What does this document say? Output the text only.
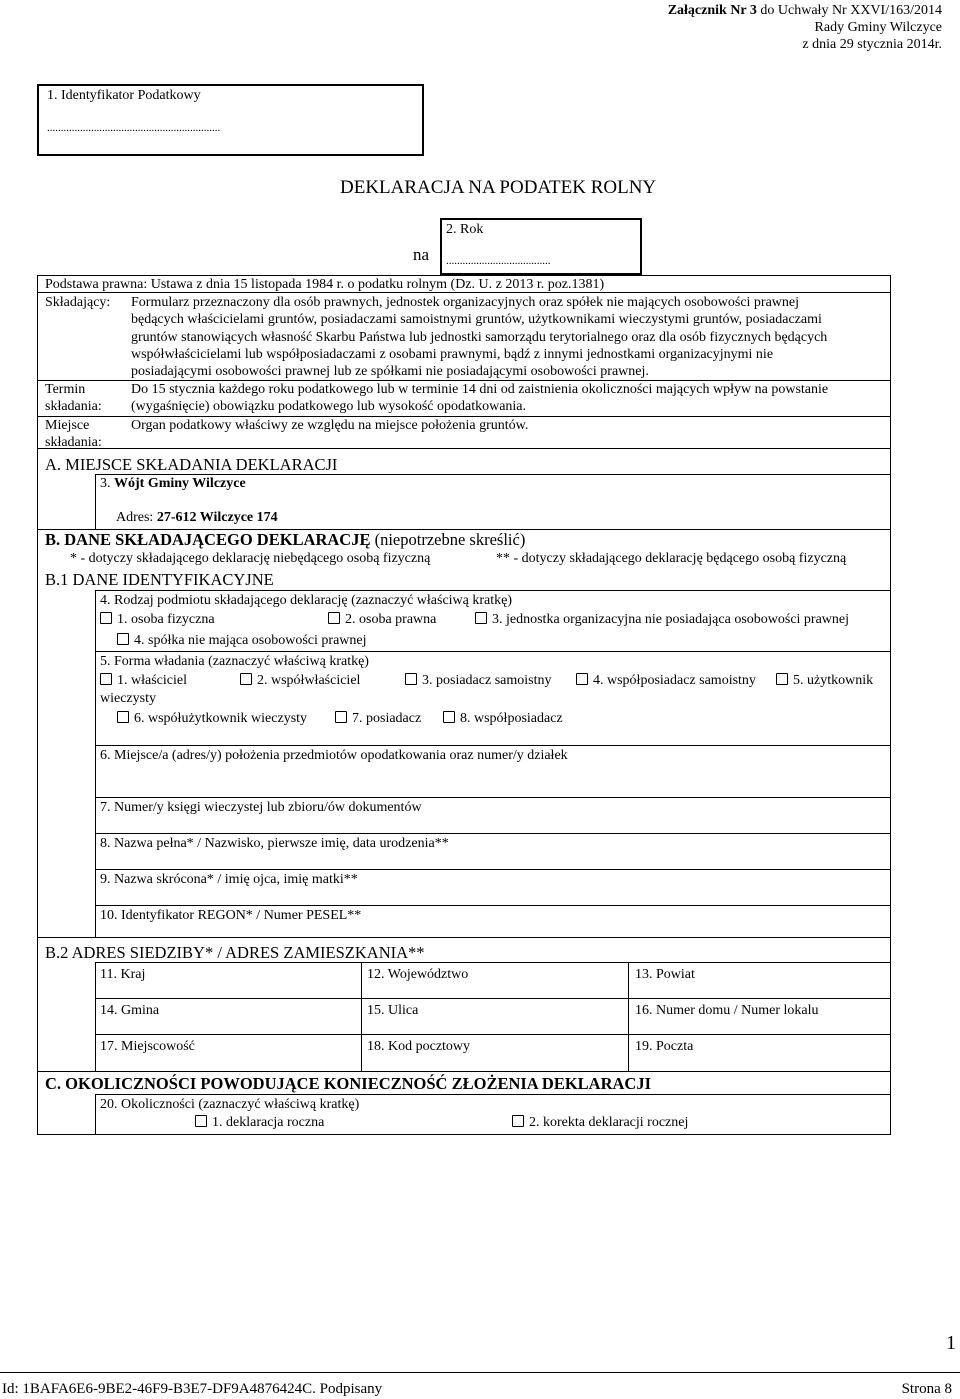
Załącznik Nr 3 do Uchwały Nr XXVI/163/2014
Rady Gminy Wilczyce
z dnia 29 stycznia 2014r.
1. Identyfikator Podatkowy
...............................................................
DEKLARACJA NA PODATEK ROLNY
na
2. Rok
......................................
Podstawa prawna: Ustawa z dnia 15 listopada 1984 r. o podatku rolnym (Dz. U. z 2013 r. poz.1381)
Składający: Formularz przeznaczony dla osób prawnych, jednostek organizacyjnych oraz spółek nie mających osobowości prawnej
będących właścicielami gruntów, posiadaczami samoistnymi gruntów, użytkownikami wieczystymi gruntów, posiadaczami
gruntów stanowiących własność Skarbu Państwa lub jednostki samorządu terytorialnego oraz dla osób fizycznych będących
współwłaścicielami lub współposiadaczami z osobami prawnymi, bądź z innymi jednostkami organizacyjnymi nie
posiadającymi osobowości prawnej lub ze spółkami nie posiadającymi osobowości prawnej.
Termin
składania:
Do 15 stycznia każdego roku podatkowego lub w terminie 14 dni od zaistnienia okoliczności mających wpływ na powstanie
(wygaśnięcie) obowiązku podatkowego lub wysokość opodatkowania.
Miejsce
składania:
Organ podatkowy właściwy ze względu na miejsce położenia gruntów.
A. MIEJSCE SKŁADANIA DEKLARACJI
3. Wójt Gminy Wilczyce
Adres: 27-612 Wilczyce 174
B. DANE SKŁADAJĄCEGO DEKLARACJĘ (niepotrzebne skreślić)
* - dotyczy składającego deklarację niebędącego osobą fizyczną	** - dotyczy składającego deklarację będącego osobą fizyczną
B.1 DANE IDENTYFIKACYJNE
4. Rodzaj podmiotu składającego deklarację (zaznaczyć właściwą kratkę)
1. osoba fizyczna	2. osoba prawna	3. jednostka organizacyjna nie posiadająca osobowości prawnej
4. spółka nie mająca osobowości prawnej
5. Forma władania (zaznaczyć właściwą kratkę)
1. właściciel	2. współwłaściciel	3. posiadacz samoistny	4. współposiadacz samoistny	5. użytkownik
wieczysty
6. współużytkownik wieczysty	7. posiadacz	8. współposiadacz
6. Miejsce/a (adres/y) położenia przedmiotów opodatkowania oraz numer/y działek
7. Numer/y księgi wieczystej lub zbioru/ów dokumentów
8. Nazwa pełna* / Nazwisko, pierwsze imię, data urodzenia**
9. Nazwa skrócona* / imię ojca, imię matki**
10. Identyfikator REGON* / Numer PESEL**
B.2 ADRES SIEDZIBY* / ADRES ZAMIESZKANIA**
11. Kraj	12. Województwo	13. Powiat
14. Gmina	15. Ulica	16. Numer domu / Numer lokalu
17. Miejscowość	18. Kod pocztowy	19. Poczta
C. OKOLICZNOŚCI POWODUJĄCE KONIECZNOŚĆ ZŁOŻENIA DEKLARACJI
20. Okoliczności (zaznaczyć właściwą kratkę)
1. deklaracja roczna	2. korekta deklaracji rocznej
1
Id: 1BAFA6E6-9BE2-46F9-B3E7-DF9A4876424C. Podpisany	Strona 8
